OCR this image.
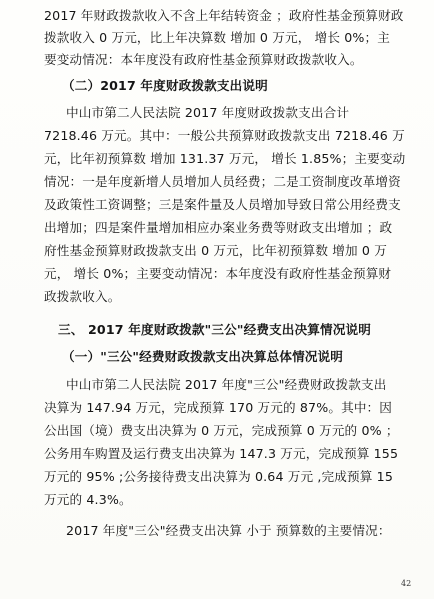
2017 年财政拨款收入不含上年结转资金 ；政府性基金预算财政
拨款收入 0 万元，比上年决算数 增加 0 万元， 增长 0%；主
要变动情况：本年度没有政府性基金预算财政拨款收入。
（二）2017 年度财政拨款支出说明
中山市第二人民法院 2017 年度财政拨款支出合计
7218.46 万元。其中：一般公共预算财政拨款支出 7218.46 万
元，比年初预算数 增加 131.37 万元， 增长 1.85%；主要变动
情况：一是年度新增人员增加人员经费；二是工资制度改革增资
及政策性工资调整；三是案件量及人员增加导致日常公用经费支
出增加；四是案件量增加相应办案业务费等财政支出增加 ；政
府性基金预算财政拨款支出 0 万元，比年初预算数 增加 0 万
元， 增长 0%；主要变动情况：本年度没有政府性基金预算财
政拨款收入。
三、 2017 年度财政拨款"三公"经费支出决算情况说明
（一）"三公"经费财政拨款支出决算总体情况说明
中山市第二人民法院 2017 年度"三公"经费财政拨款支出
决算为 147.94 万元，完成预算 170 万元的 87%。其中：因
公出国（境）费支出决算为 0 万元，完成预算 0 万元的 0% ；
公务用车购置及运行费支出决算为 147.3 万元，完成预算 155
万元的 95% ;公务接待费支出决算为 0.64 万元 ,完成预算 15
万元的 4.3%。
2017 年度"三公"经费支出决算 小于 预算数的主要情况：
42
